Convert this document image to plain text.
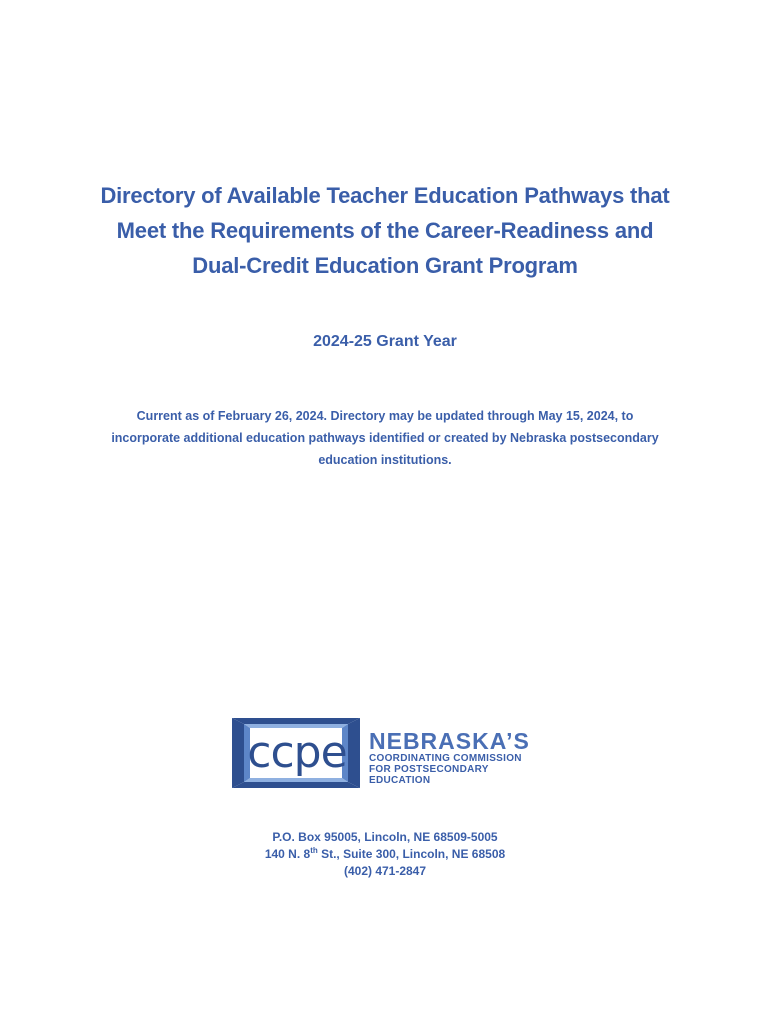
Directory of Available Teacher Education Pathways that
Meet the Requirements of the Career-Readiness and
Dual-Credit Education Grant Program

2024-25 Grant Year

Current as of February 26, 2024. Directory may be updated through May 15, 2024, to
incorporate additional education pathways identified or created by Nebraska postsecondary
education institutions.

ccpe NEBRASKA’S
COORDINATING COMMISSION
FOR POSTSECONDARY EDUCATION

P.O. Box 95005, Lincoln, NE 68509-5005
140 N. 8th St., Suite 300, Lincoln, NE 68508
(402) 471-2847
